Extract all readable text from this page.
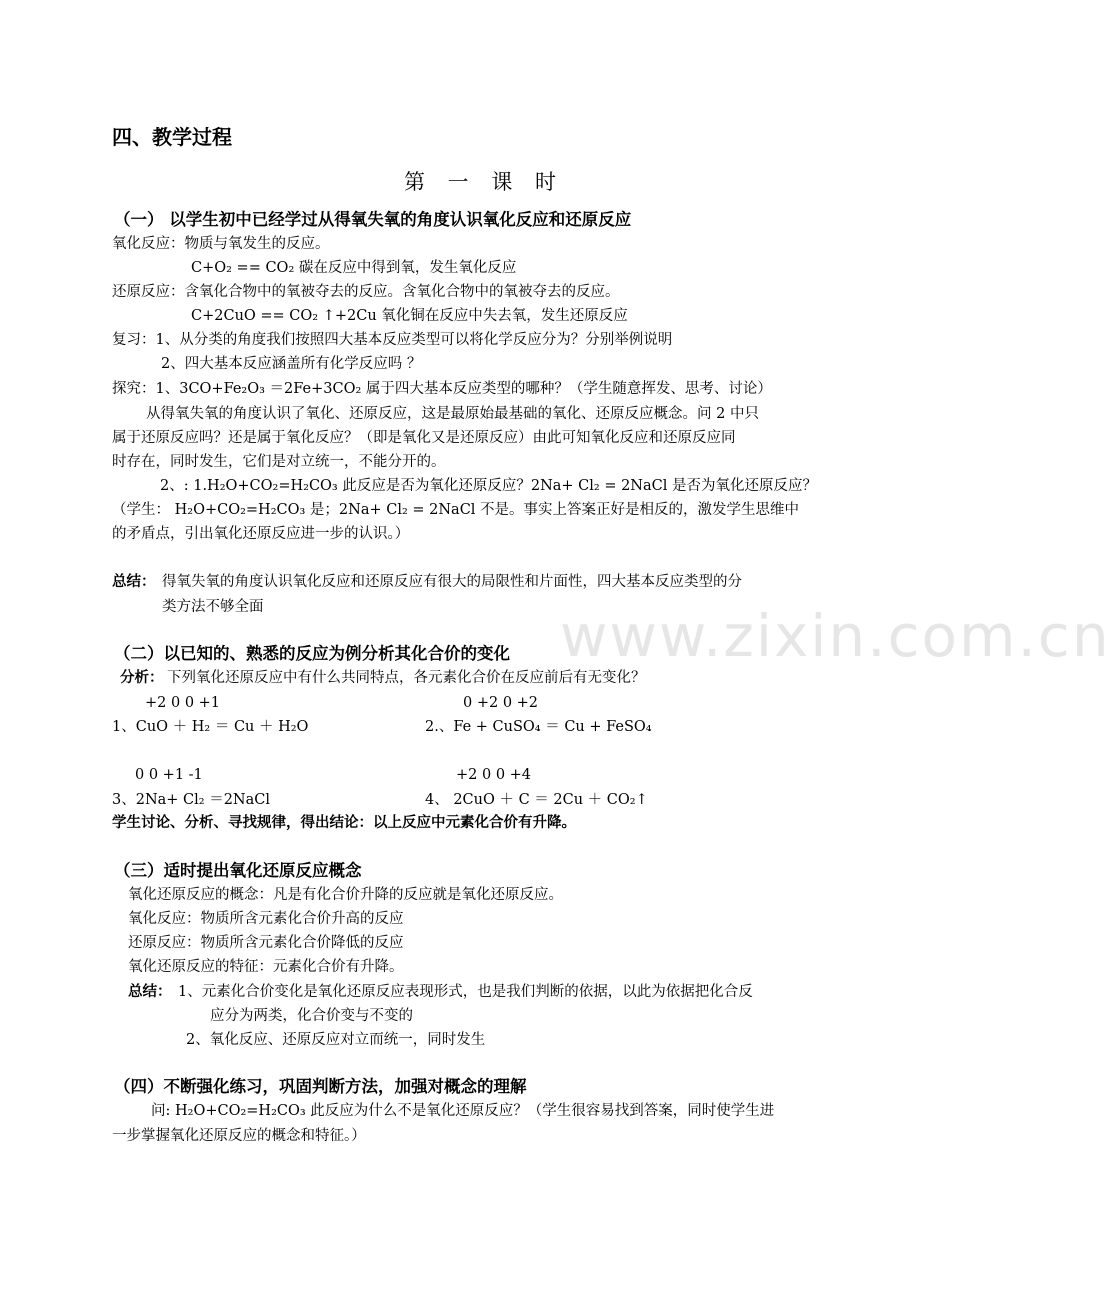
www.zixin.com.cn
四、教学过程
第 一 课 时
（一） 以学生初中已经学过从得氧失氧的角度认识氧化反应和还原反应
氧化反应：物质与氧发生的反应。
C+O₂ == CO₂ 碳在反应中得到氧，发生氧化反应
还原反应：含氧化合物中的氧被夺去的反应。含氧化合物中的氧被夺去的反应。
C+2CuO == CO₂ ↑+2Cu 氧化铜在反应中失去氧，发生还原反应
复习：1、从分类的角度我们按照四大基本反应类型可以将化学反应分为？分别举例说明
2、四大基本反应涵盖所有化学反应吗 ？
探究：1、3CO+Fe₂O₃ ＝2Fe+3CO₂ 属于四大基本反应类型的哪种？（学生随意挥发、思考、讨论）
从得氧失氧的角度认识了氧化、还原反应，这是最原始最基础的氧化、还原反应概念。问 2 中只
属于还原反应吗？还是属于氧化反应？（即是氧化又是还原反应）由此可知氧化反应和还原反应同
时存在，同时发生，它们是对立统一，不能分开的。
2、: 1.H₂O+CO₂=H₂CO₃ 此反应是否为氧化还原反应？2Na+ Cl₂ = 2NaCl 是否为氧化还原反应？
（学生： H₂O+CO₂=H₂CO₃ 是；2Na+ Cl₂ = 2NaCl 不是。事实上答案正好是相反的，激发学生思维中
的矛盾点，引出氧化还原反应进一步的认识。）
总结： 得氧失氧的角度认识氧化反应和还原反应有很大的局限性和片面性，四大基本反应类型的分
类方法不够全面
（二）以已知的、熟悉的反应为例分析其化合价的变化
分析： 下列氧化还原反应中有什么共同特点，各元素化合价在反应前后有无变化？
+2 0 0 +1	0 +2 0 +2
1、CuO ＋ H₂ ＝ Cu ＋ H₂O	2.、Fe + CuSO₄ ＝ Cu + FeSO₄
0 0 +1 -1	+2 0 0 +4
3、2Na+ Cl₂ ＝2NaCl	4、 2CuO ＋ C ＝ 2Cu ＋ CO₂↑
学生讨论、分析、寻找规律，得出结论：以上反应中元素化合价有升降。
（三）适时提出氧化还原反应概念
氧化还原反应的概念：凡是有化合价升降的反应就是氧化还原反应。
氧化反应：物质所含元素化合价升高的反应
还原反应：物质所含元素化合价降低的反应
氧化还原反应的特征：元素化合价有升降。
总结： 1、元素化合价变化是氧化还原反应表现形式，也是我们判断的依据，以此为依据把化合反
应分为两类，化合价变与不变的
2、氧化反应、还原反应对立而统一，同时发生
（四）不断强化练习，巩固判断方法，加强对概念的理解
问: H₂O+CO₂=H₂CO₃ 此反应为什么不是氧化还原反应？（学生很容易找到答案，同时使学生进
一步掌握氧化还原反应的概念和特征。）
